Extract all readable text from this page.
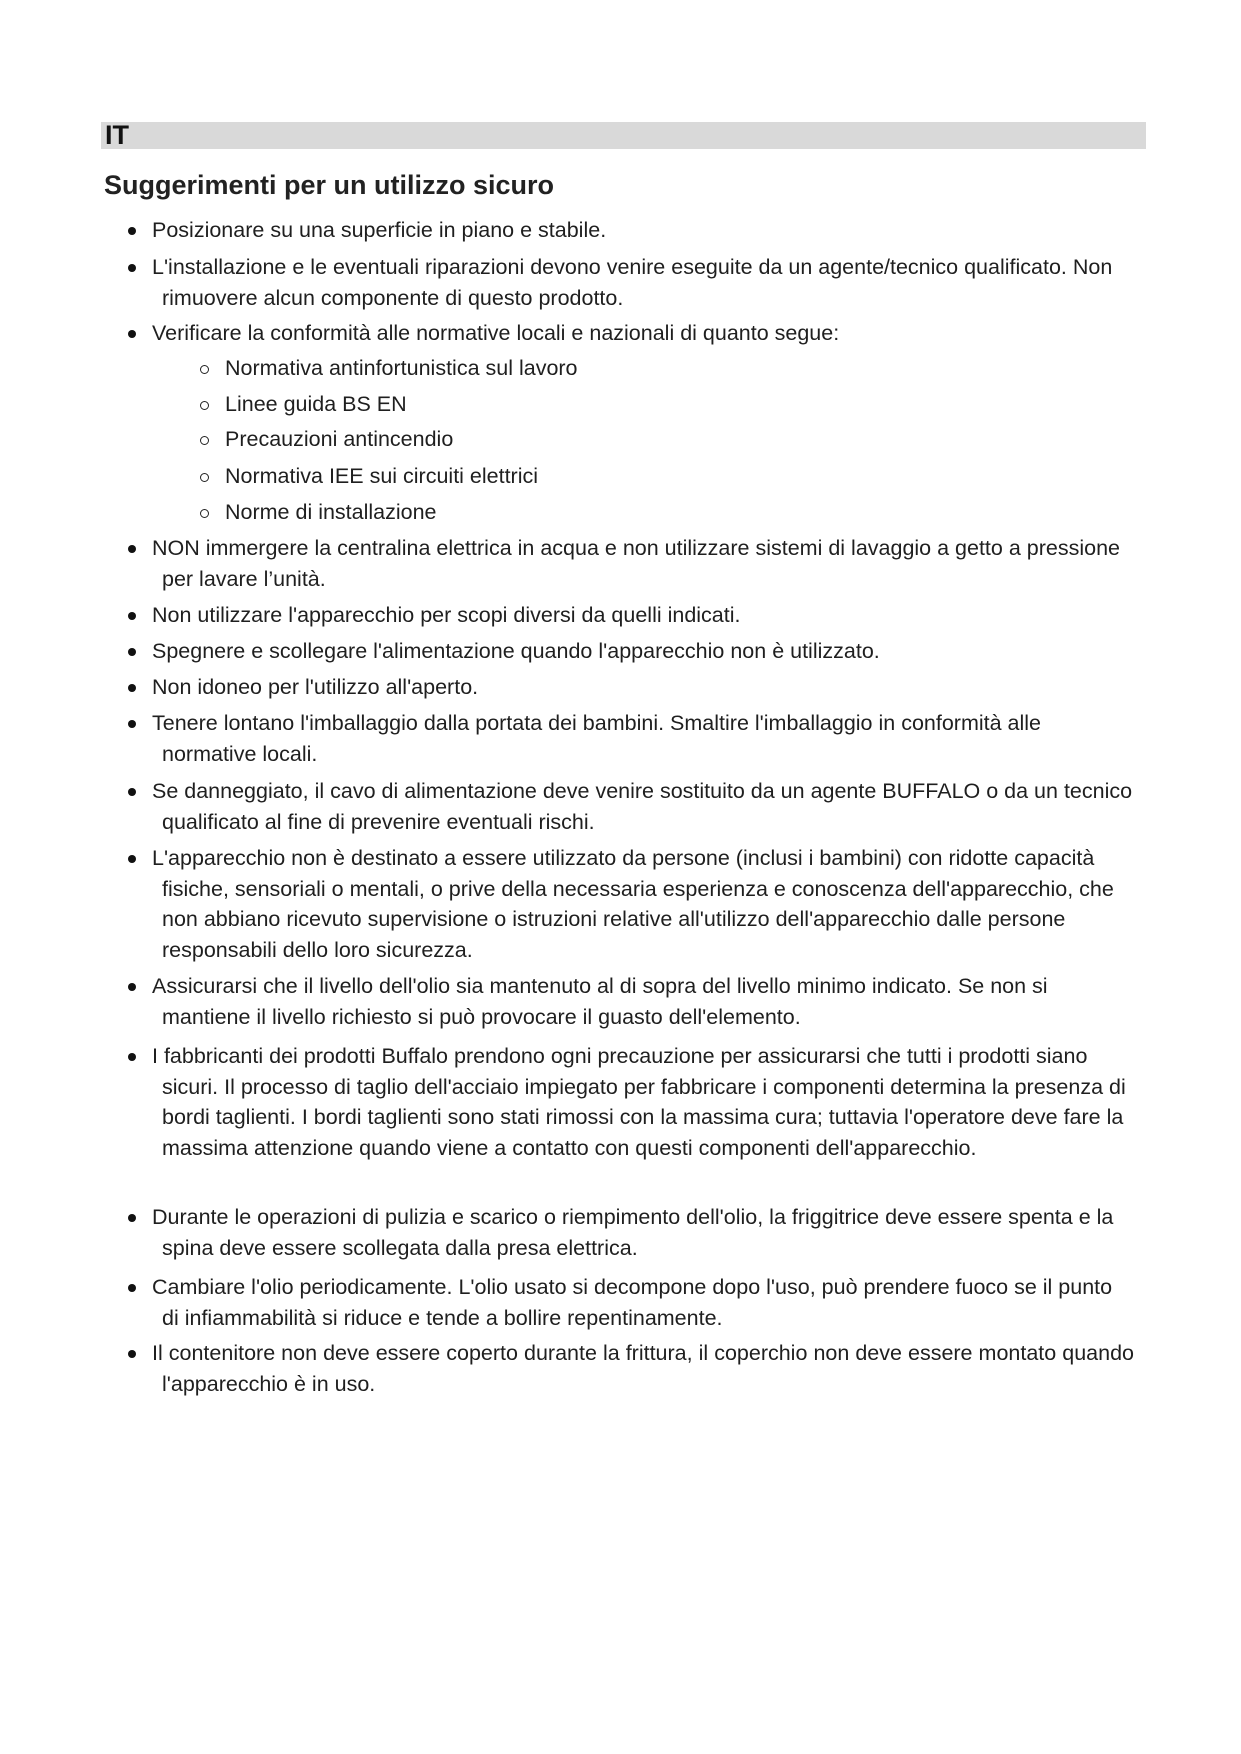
IT
Suggerimenti per un utilizzo sicuro
Posizionare su una superficie in piano e stabile.
L'installazione e le eventuali riparazioni devono venire eseguite da un agente/tecnico qualificato. Non rimuovere alcun componente di questo prodotto.
Verificare la conformità alle normative locali e nazionali di quanto segue:
Normativa antinfortunistica sul lavoro
Linee guida BS EN
Precauzioni antincendio
Normativa IEE sui circuiti elettrici
Norme di installazione
NON immergere la centralina elettrica in acqua e non utilizzare sistemi di lavaggio a getto a pressione per lavare l’unità.
Non utilizzare l'apparecchio per scopi diversi da quelli indicati.
Spegnere e scollegare l'alimentazione quando l'apparecchio non è utilizzato.
Non idoneo per l'utilizzo all'aperto.
Tenere lontano l'imballaggio dalla portata dei bambini. Smaltire l'imballaggio in conformità alle normative locali.
Se danneggiato, il cavo di alimentazione deve venire sostituito da un agente BUFFALO o da un tecnico qualificato al fine di prevenire eventuali rischi.
L'apparecchio non è destinato a essere utilizzato da persone (inclusi i bambini) con ridotte capacità fisiche, sensoriali o mentali, o prive della necessaria esperienza e conoscenza dell'apparecchio, che non abbiano ricevuto supervisione o istruzioni relative all'utilizzo dell'apparecchio dalle persone responsabili dello loro sicurezza.
Assicurarsi che il livello dell'olio sia mantenuto al di sopra del livello minimo indicato. Se non si mantiene il livello richiesto si può provocare il guasto dell'elemento.
I fabbricanti dei prodotti Buffalo prendono ogni precauzione per assicurarsi che tutti i prodotti siano sicuri. Il processo di taglio dell'acciaio impiegato per fabbricare i componenti determina la presenza di bordi taglienti. I bordi taglienti sono stati rimossi con la massima cura; tuttavia l'operatore deve fare la massima attenzione quando viene a contatto con questi componenti dell'apparecchio.
Durante le operazioni di pulizia e scarico o riempimento dell'olio, la friggitrice deve essere spenta e la spina deve essere scollegata dalla presa elettrica.
Cambiare l'olio periodicamente. L'olio usato si decompone dopo l'uso, può prendere fuoco se il punto di infiammabilità si riduce e tende a bollire repentinamente.
Il contenitore non deve essere coperto durante la frittura, il coperchio non deve essere montato quando l'apparecchio è in uso.
